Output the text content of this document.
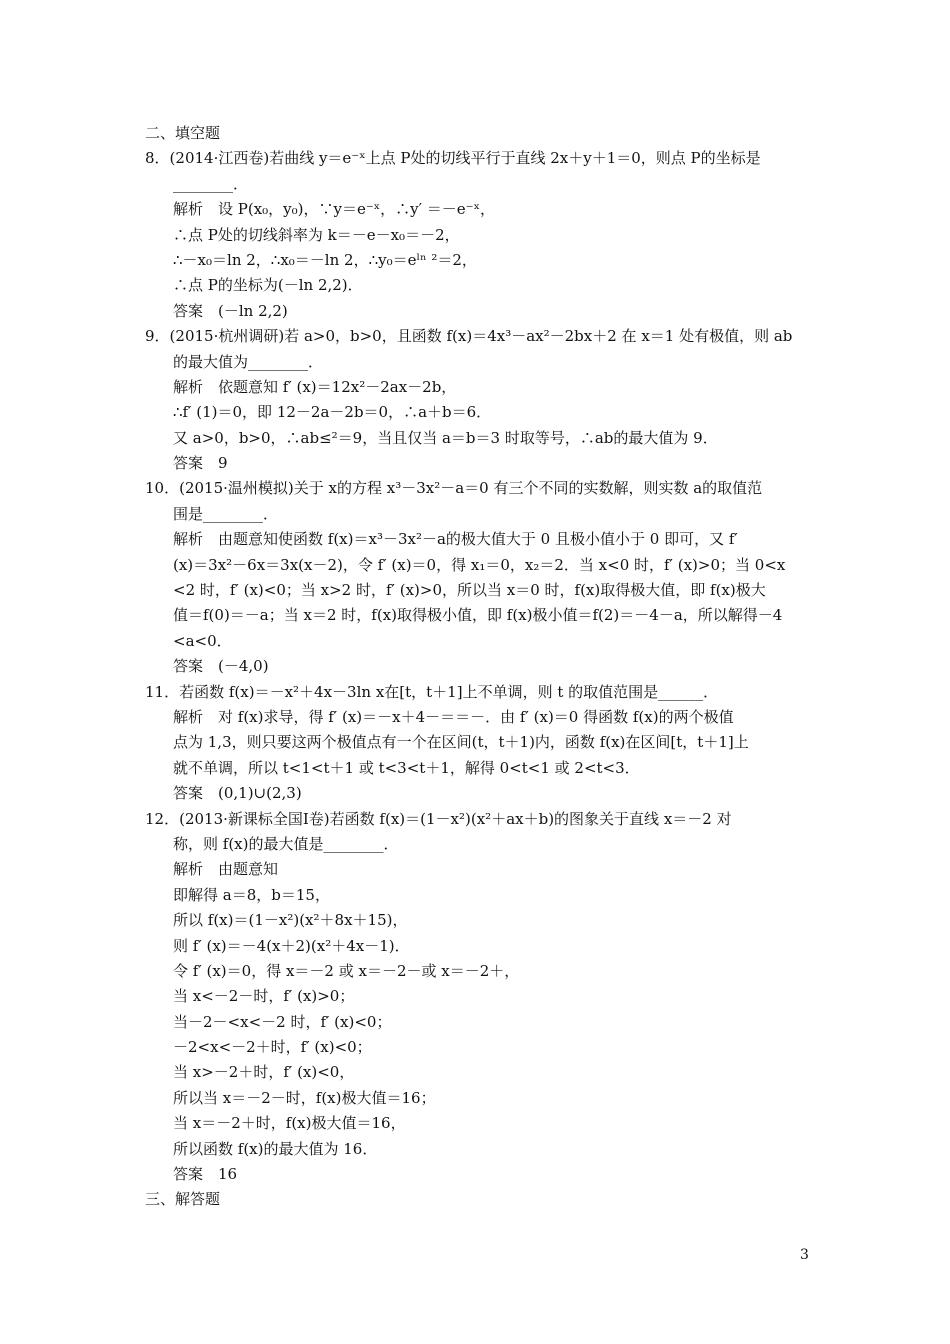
二、填空题
8．(2014·江西卷)若曲线 y＝e⁻ˣ上点 P处的切线平行于直线 2x＋y＋1＝0，则点 P的坐标是
________．
解析　设 P(x₀，y₀)，∵y＝e⁻ˣ，∴y′ ＝－e⁻ˣ，
∴点 P处的切线斜率为 k＝－e－x₀＝－2，
∴－x₀＝ln 2，∴x₀＝－ln 2，∴y₀＝eˡⁿ ²＝2，
∴点 P的坐标为(－ln 2,2)．
答案　(－ln 2,2)
9．(2015·杭州调研)若 a>0，b>0，且函数 f(x)＝4x³－ax²－2bx＋2 在 x＝1 处有极值，则 ab
的最大值为________．
解析　依题意知 f′ (x)＝12x²－2ax－2b，
∴f′ (1)＝0，即 12－2a－2b＝0，∴a＋b＝6．
又 a>0，b>0，∴ab≤²＝9，当且仅当 a＝b＝3 时取等号，∴ab的最大值为 9．
答案　9
10．(2015·温州模拟)关于 x的方程 x³－3x²－a＝0 有三个不同的实数解，则实数 a的取值范
围是________．
解析　由题意知使函数 f(x)＝x³－3x²－a的极大值大于 0 且极小值小于 0 即可，又 f′
(x)＝3x²－6x＝3x(x－2)，令 f′ (x)＝0，得 x₁＝0，x₂＝2．当 x<0 时，f′ (x)>0；当 0<x
<2 时，f′ (x)<0；当 x>2 时，f′ (x)>0，所以当 x＝0 时，f(x)取得极大值，即 f(x)极大
值＝f(0)＝－a；当 x＝2 时，f(x)取得极小值，即 f(x)极小值＝f(2)＝－4－a，所以解得－4
<a<0．
答案　(－4,0)
11．若函数 f(x)＝－x²＋4x－3ln x在[t，t＋1]上不单调，则 t 的取值范围是______．
解析　对 f(x)求导，得 f′ (x)＝－x＋4－＝＝－．由 f′ (x)＝0 得函数 f(x)的两个极值
点为 1,3，则只要这两个极值点有一个在区间(t，t＋1)内，函数 f(x)在区间[t，t＋1]上
就不单调，所以 t<1<t＋1 或 t<3<t＋1，解得 0<t<1 或 2<t<3．
答案　(0,1)∪(2,3)
12．(2013·新课标全国Ⅰ卷)若函数 f(x)＝(1－x²)(x²＋ax＋b)的图象关于直线 x＝－2 对
称，则 f(x)的最大值是________．
解析　由题意知
即解得 a＝8，b＝15，
所以 f(x)＝(1－x²)(x²＋8x＋15)，
则 f′ (x)＝－4(x＋2)(x²＋4x－1)．
令 f′ (x)＝0，得 x＝－2 或 x＝－2－或 x＝－2＋，
当 x<－2－时，f′ (x)>0；
当－2－<x<－2 时，f′ (x)<0；
－2<x<－2＋时，f′ (x)<0；
当 x>－2＋时，f′ (x)<0，
所以当 x＝－2－时，f(x)极大值＝16；
当 x＝－2＋时，f(x)极大值＝16，
所以函数 f(x)的最大值为 16．
答案　16
三、解答题
3
